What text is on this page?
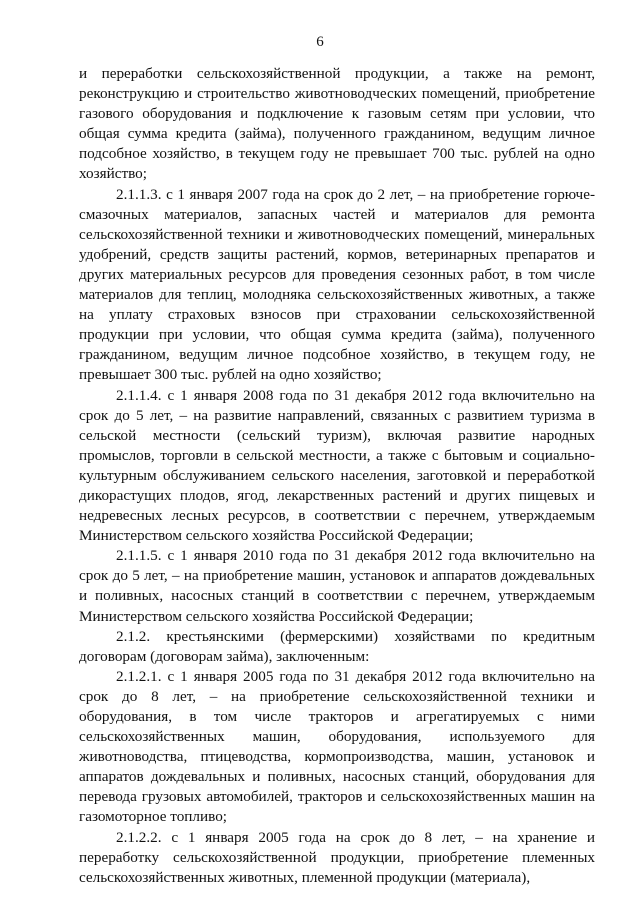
6

и переработки сельскохозяйственной продукции, а также на ремонт, реконструкцию и строительство животноводческих помещений, приобретение газового оборудования и подключение к газовым сетям при условии, что общая сумма кредита (займа), полученного гражданином, ведущим личное подсобное хозяйство, в текущем году не превышает 700 тыс. рублей на одно хозяйство;

2.1.1.3. с 1 января 2007 года на срок до 2 лет, – на приобретение горюче-смазочных материалов, запасных частей и материалов для ремонта сельскохозяйственной техники и животноводческих помещений, минеральных удобрений, средств защиты растений, кормов, ветеринарных препаратов и других материальных ресурсов для проведения сезонных работ, в том числе материалов для теплиц, молодняка сельскохозяйственных животных, а также на уплату страховых взносов при страховании сельскохозяйственной продукции при условии, что общая сумма кредита (займа), полученного гражданином, ведущим личное подсобное хозяйство, в текущем году, не превышает 300 тыс. рублей на одно хозяйство;

2.1.1.4. с 1 января 2008 года по 31 декабря 2012 года включительно на срок до 5 лет, – на развитие направлений, связанных с развитием туризма в сельской местности (сельский туризм), включая развитие народных промыслов, торговли в сельской местности, а также с бытовым и социально-культурным обслуживанием сельского населения, заготовкой и переработкой дикорастущих плодов, ягод, лекарственных растений и других пищевых и недревесных лесных ресурсов, в соответствии с перечнем, утверждаемым Министерством сельского хозяйства Российской Федерации;

2.1.1.5. с 1 января 2010 года по 31 декабря 2012 года включительно на срок до 5 лет, – на приобретение машин, установок и аппаратов дождевальных и поливных, насосных станций в соответствии с перечнем, утверждаемым Министерством сельского хозяйства Российской Федерации;

2.1.2. крестьянскими (фермерскими) хозяйствами по кредитным договорам (договорам займа), заключенным:

2.1.2.1. с 1 января 2005 года по 31 декабря 2012 года включительно на срок до 8 лет, – на приобретение сельскохозяйственной техники и оборудования, в том числе тракторов и агрегатируемых с ними сельскохозяйственных машин, оборудования, используемого для животноводства, птицеводства, кормопроизводства, машин, установок и аппаратов дождевальных и поливных, насосных станций, оборудования для перевода грузовых автомобилей, тракторов и сельскохозяйственных машин на газомоторное топливо;

2.1.2.2. с 1 января 2005 года на срок до 8 лет, – на хранение и переработку сельскохозяйственной продукции, приобретение племенных сельскохозяйственных животных, племенной продукции (материала),
